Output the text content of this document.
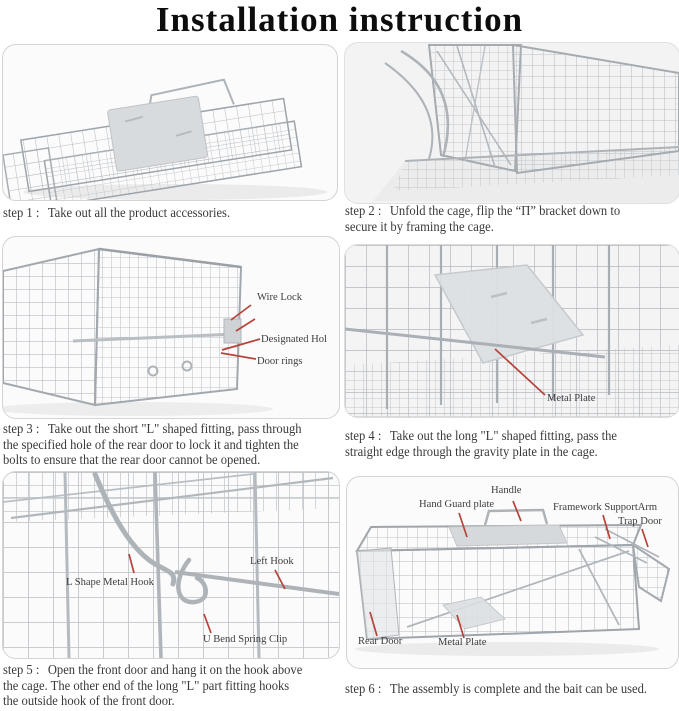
Installation instruction
Wire Lock
Designated Hol
Door rings
Metal Plate
L Shape Metal Hook
Left Hook
U Bend Spring Clip
Handle
Hand Guard plate	Framework SupportArm
Trap Door
Rear Door	Metal Plate
step 1 : Take out all the product accessories.	step 2 : Unfold the cage, flip the “Π” bracket down to
secure it by framing the cage.
step 3 : Take out the short "L" shaped fitting, pass through
the specified hole of the rear door to lock it and tighten the
bolts to ensure that the rear door cannot be opened.
step 4 : Take out the long "L" shaped fitting, pass the
straight edge through the gravity plate in the cage.
step 5 : Open the front door and hang it on the hook above
the cage. The other end of the long "L" part fitting hooks
the outside hook of the front door.
step 6 : The assembly is complete and the bait can be used.
